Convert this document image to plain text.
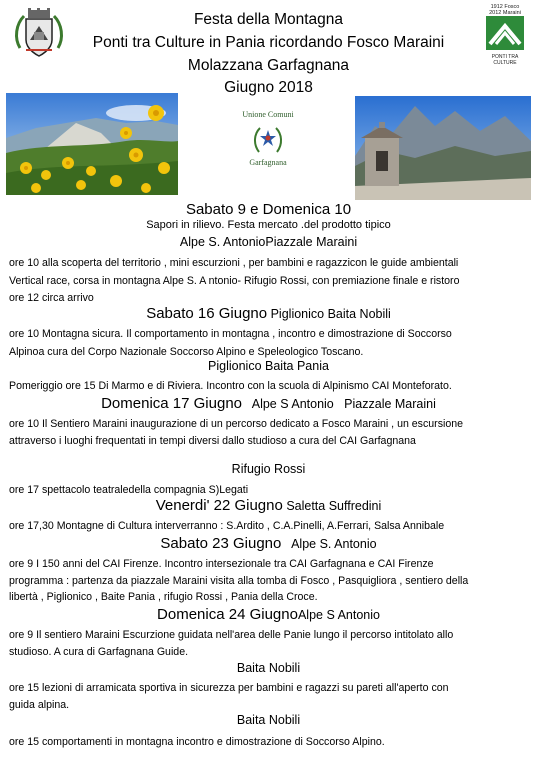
Festa della Montagna
Ponti tra Culture in Pania ricordando Fosco Maraini
Molazzana Garfagnana
Giugno 2018
1912 Fosco
2012 Maraini
PONTI TRA
CULTURE
Unione Comuni
Garfagnana
Sabato 9 e Domenica 10
Sapori in rilievo. Festa mercato .del prodotto tipico
Alpe S. AntonioPiazzale Maraini
ore 10 alla scoperta del territorio , mini escurzioni , per bambini e ragazzicon le guide ambientali
Vertical race, corsa in montagna Alpe S. A ntonio- Rifugio Rossi, con premiazione finale e ristoro
ore 12 circa arrivo
Sabato 16 Giugno Piglionico Baita Nobili
ore 10 Montagna sicura. Il comportamento in montagna , incontro e dimostrazione di Soccorso
Alpinoa cura del Corpo Nazionale Soccorso Alpino e Speleologico Toscano.
Piglionico Baita Pania
Pomeriggio ore 15 Di Marmo e di Riviera. Incontro con la scuola di Alpinismo CAI Monteforato.
Domenica 17 Giugno   Alpe S Antonio   Piazzale Maraini
ore 10 Il Sentiero Maraini inaugurazione di un percorso dedicato a Fosco Maraini , un escursione
attraverso i luoghi frequentati in tempi diversi dallo studioso a cura del CAI Garfagnana
Rifugio Rossi
ore 17 spettacolo teatraledella compagnia S)Legati
Venerdi' 22 Giugno Saletta Suffredini
ore 17,30 Montagne di Cultura interverranno : S.Ardito , C.A.Pinelli, A.Ferrari, Salsa Annibale
Sabato 23 Giugno   Alpe S. Antonio
ore 9 I 150 anni del CAI Firenze. Incontro intersezionale tra CAI Garfagnana e CAI Firenze
programma : partenza da piazzale Maraini visita alla tomba di Fosco , Pasquigliora , sentiero della
libertà , Piglionico , Baite Pania , rifugio Rossi , Pania della Croce.
Domenica 24 GiugnoAlpe S Antonio
ore 9 Il sentiero Maraini Escurzione guidata nell'area delle Panie lungo il percorso intitolato allo
studioso. A cura di Garfagnana Guide.
Baita Nobili
ore 15 lezioni di arramicata sportiva in sicurezza per bambini e ragazzi su pareti all'aperto con
guida alpina.
Baita Nobili
ore 15 comportamenti in montagna incontro e dimostrazione di Soccorso Alpino.
